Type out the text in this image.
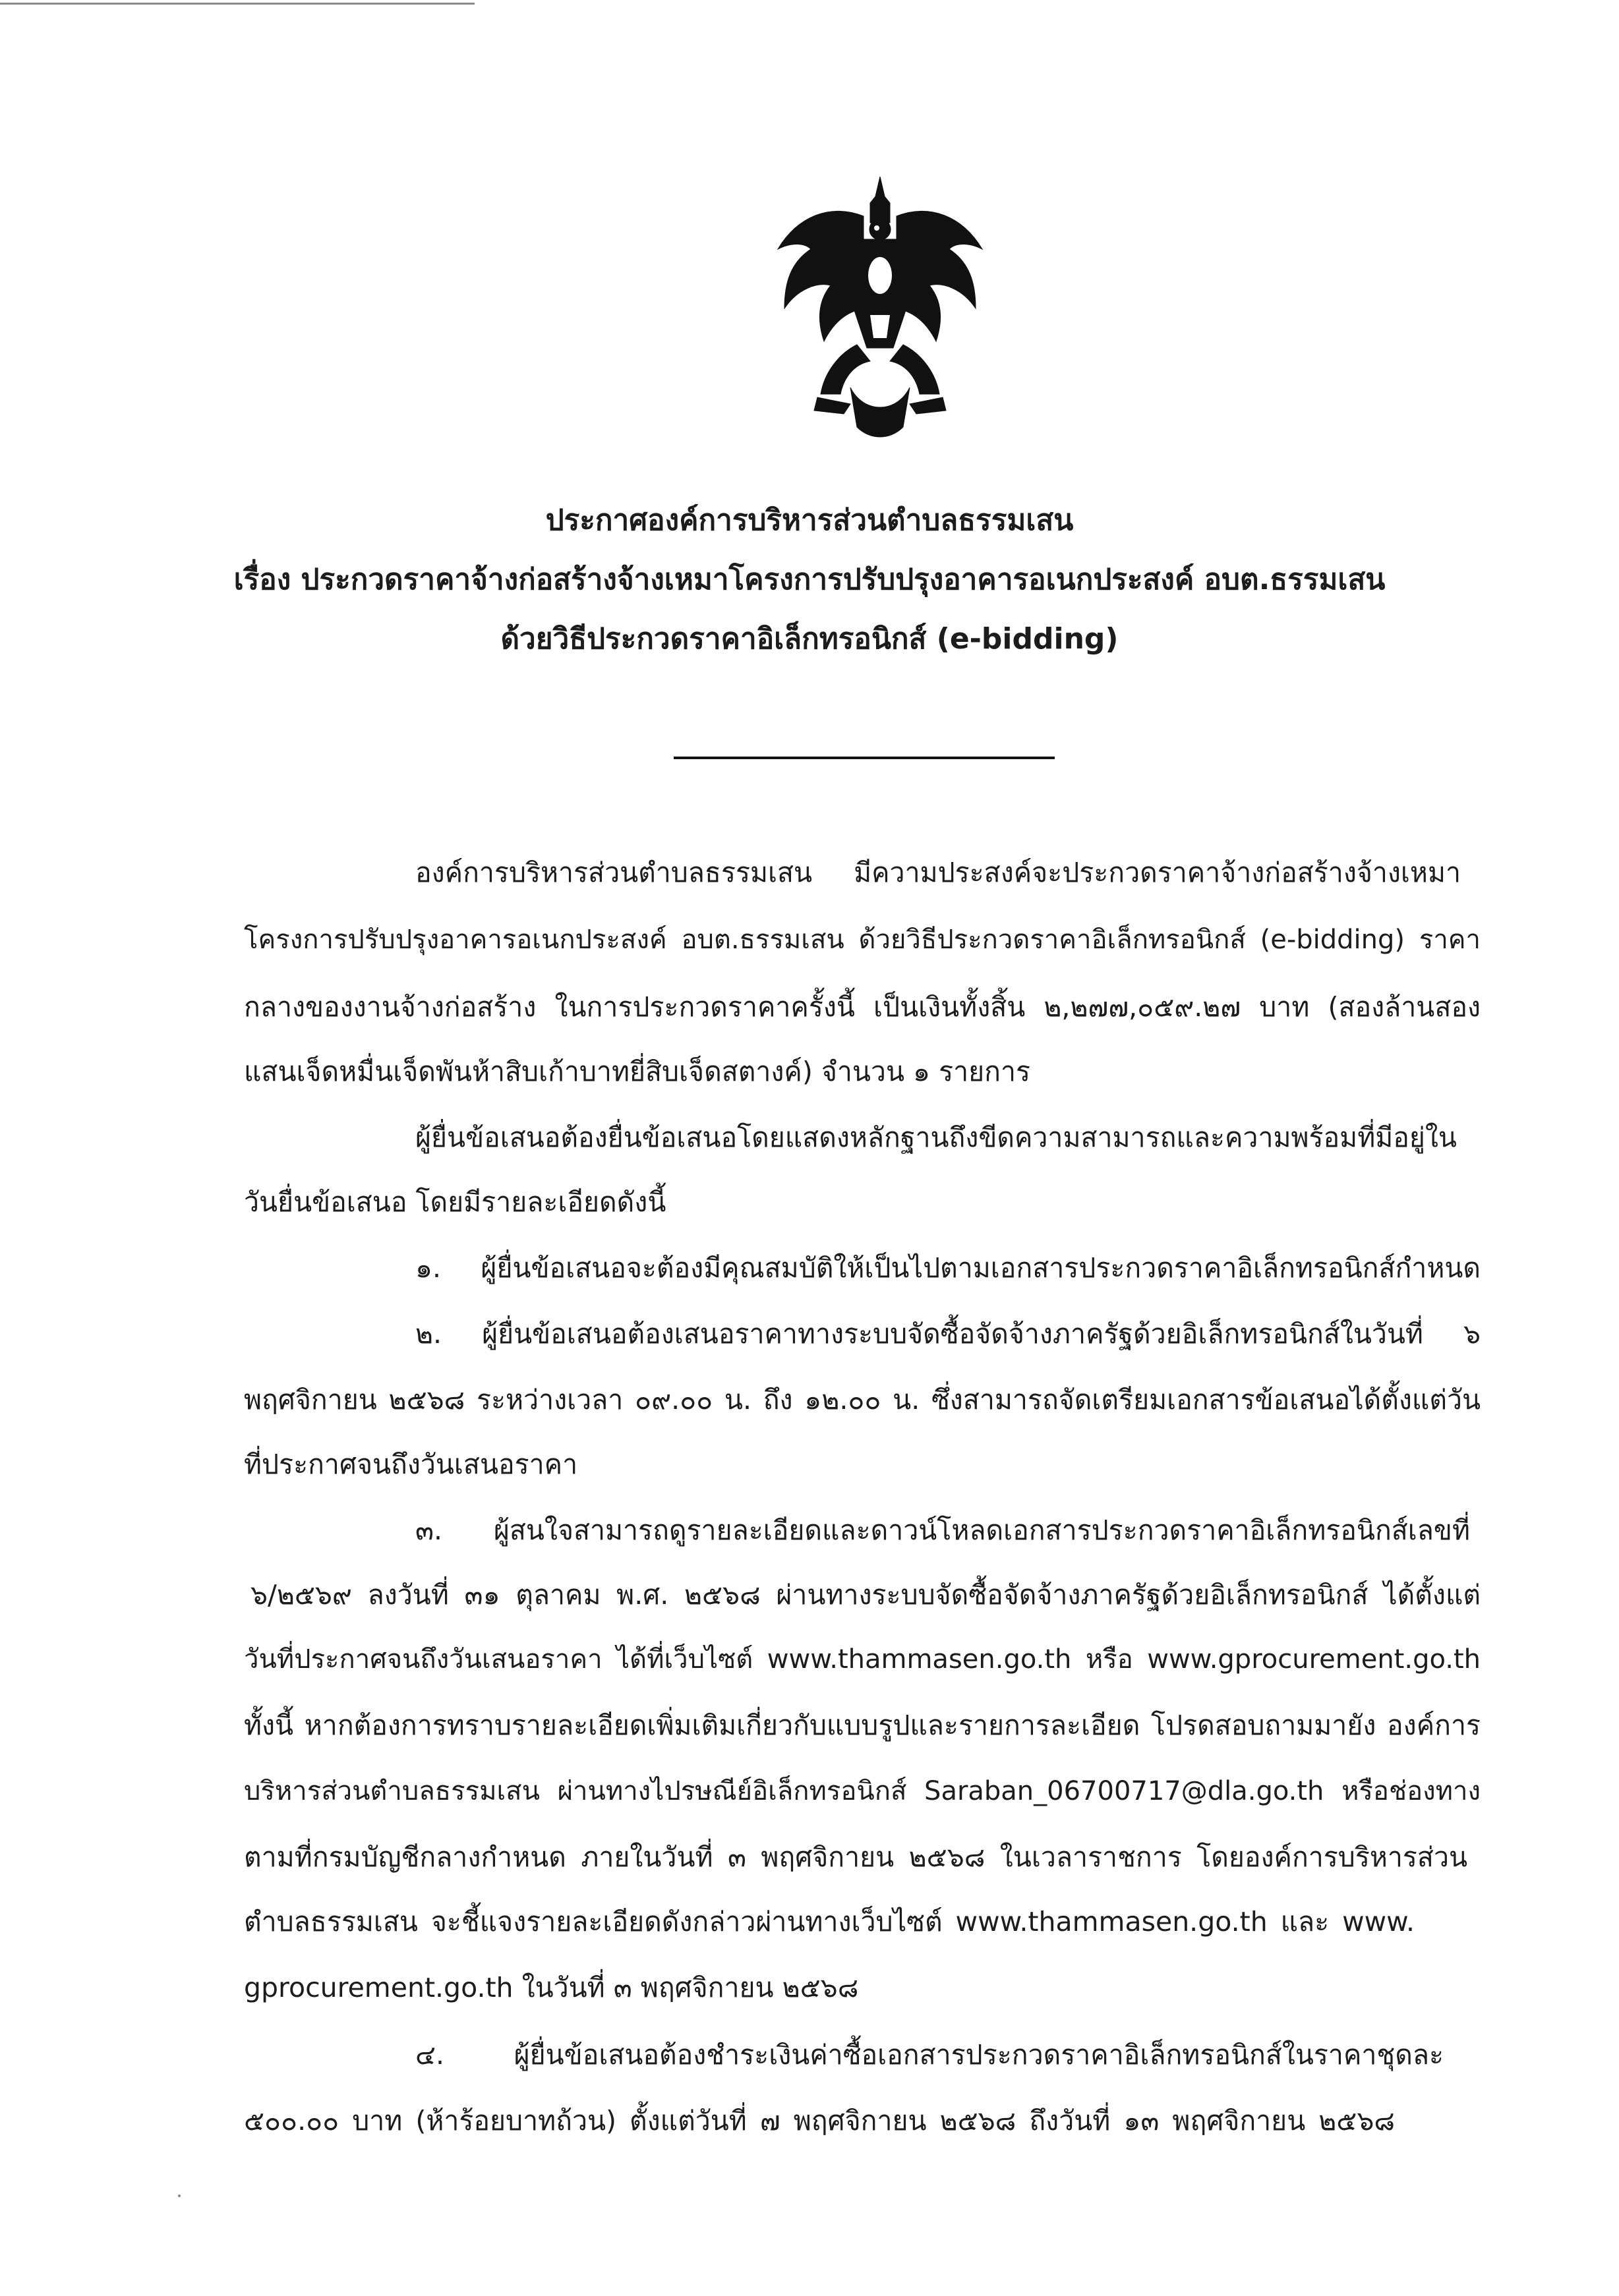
ประกาศองค์การบริหารส่วนตำบลธรรมเสน
เรื่อง ประกวดราคาจ้างก่อสร้างจ้างเหมาโครงการปรับปรุงอาคารอเนกประสงค์ อบต.ธรรมเสน
ด้วยวิธีประกวดราคาอิเล็กทรอนิกส์ (e-bidding)
องค์การบริหารส่วนตำบลธรรมเสน มีความประสงค์จะประกวดราคาจ้างก่อสร้างจ้างเหมา
โครงการปรับปรุงอาคารอเนกประสงค์ อบต.ธรรมเสน ด้วยวิธีประกวดราคาอิเล็กทรอนิกส์ (e-bidding) ราคา
กลางของงานจ้างก่อสร้าง ในการประกวดราคาครั้งนี้ เป็นเงินทั้งสิ้น ๒,๒๗๗,๐๕๙.๒๗ บาท (สองล้านสอง
แสนเจ็ดหมื่นเจ็ดพันห้าสิบเก้าบาทยี่สิบเจ็ดสตางค์) จำนวน ๑ รายการ
ผู้ยื่นข้อเสนอต้องยื่นข้อเสนอโดยแสดงหลักฐานถึงขีดความสามารถและความพร้อมที่มีอยู่ใน
วันยื่นข้อเสนอ โดยมีรายละเอียดดังนี้
๑. ผู้ยื่นข้อเสนอจะต้องมีคุณสมบัติให้เป็นไปตามเอกสารประกวดราคาอิเล็กทรอนิกส์กำหนด
๒. ผู้ยื่นข้อเสนอต้องเสนอราคาทางระบบจัดซื้อจัดจ้างภาครัฐด้วยอิเล็กทรอนิกส์ในวันที่ ๖
พฤศจิกายน ๒๕๖๘ ระหว่างเวลา ๐๙.๐๐ น. ถึง ๑๒.๐๐ น. ซึ่งสามารถจัดเตรียมเอกสารข้อเสนอได้ตั้งแต่วัน
ที่ประกาศจนถึงวันเสนอราคา
๓. ผู้สนใจสามารถดูรายละเอียดและดาวน์โหลดเอกสารประกวดราคาอิเล็กทรอนิกส์เลขที่
๖/๒๕๖๙ ลงวันที่ ๓๑ ตุลาคม พ.ศ. ๒๕๖๘ ผ่านทางระบบจัดซื้อจัดจ้างภาครัฐด้วยอิเล็กทรอนิกส์ ได้ตั้งแต่
วันที่ประกาศจนถึงวันเสนอราคา ได้ที่เว็บไซต์ www.thammasen.go.th หรือ www.gprocurement.go.th
ทั้งนี้ หากต้องการทราบรายละเอียดเพิ่มเติมเกี่ยวกับแบบรูปและรายการละเอียด โปรดสอบถามมายัง องค์การ
บริหารส่วนตำบลธรรมเสน ผ่านทางไปรษณีย์อิเล็กทรอนิกส์ Saraban_06700717@dla.go.th หรือช่องทาง
ตามที่กรมบัญชีกลางกำหนด ภายในวันที่ ๓ พฤศจิกายน ๒๕๖๘ ในเวลาราชการ โดยองค์การบริหารส่วน
ตำบลธรรมเสน จะชี้แจงรายละเอียดดังกล่าวผ่านทางเว็บไซต์ www.thammasen.go.th และ www.
gprocurement.go.th ในวันที่ ๓ พฤศจิกายน ๒๕๖๘
๔. ผู้ยื่นข้อเสนอต้องชำระเงินค่าซื้อเอกสารประกวดราคาอิเล็กทรอนิกส์ในราคาชุดละ
๕๐๐.๐๐ บาท (ห้าร้อยบาทถ้วน) ตั้งแต่วันที่ ๗ พฤศจิกายน ๒๕๖๘ ถึงวันที่ ๑๓ พฤศจิกายน ๒๕๖๘
